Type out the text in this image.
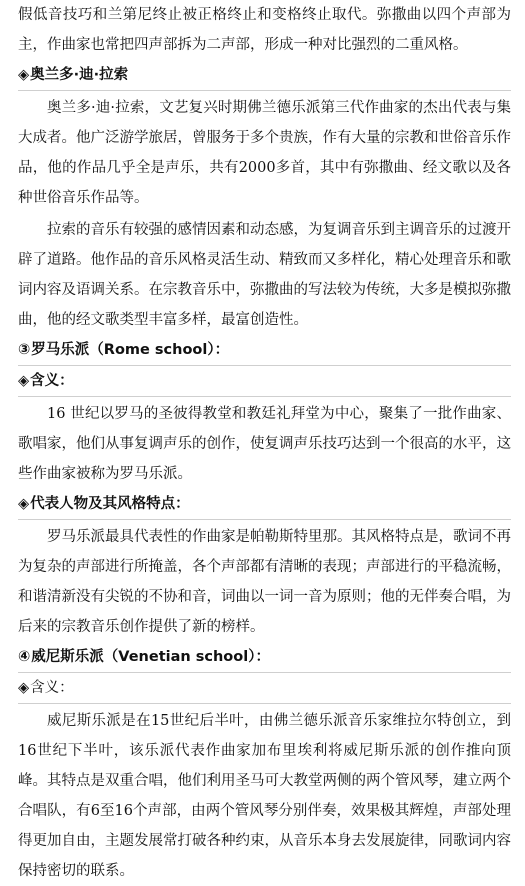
假低音技巧和兰第尼终止被正格终止和变格终止取代。弥撒曲以四个声部为主，作曲家也常把四声部拆为二声部，形成一种对比强烈的二重风格。

◈奥兰多·迪·拉索

奥兰多·迪·拉索，文艺复兴时期佛兰德乐派第三代作曲家的杰出代表与集大成者。他广泛游学旅居，曾服务于多个贵族，作有大量的宗教和世俗音乐作品，他的作品几乎全是声乐，共有2000多首，其中有弥撒曲、经文歌以及各种世俗音乐作品等。

拉索的音乐有较强的感情因素和动态感，为复调音乐到主调音乐的过渡开辟了道路。他作品的音乐风格灵活生动、精致而又多样化，精心处理音乐和歌词内容及语调关系。在宗教音乐中，弥撒曲的写法较为传统，大多是模拟弥撒曲，他的经文歌类型丰富多样，最富创造性。

③罗马乐派（Rome school）：
◈含义：

16 世纪以罗马的圣彼得教堂和教廷礼拜堂为中心，聚集了一批作曲家、歌唱家，他们从事复调声乐的创作，使复调声乐技巧达到一个很高的水平，这些作曲家被称为罗马乐派。

◈代表人物及其风格特点：

罗马乐派最具代表性的作曲家是帕勒斯特里那。其风格特点是，歌词不再为复杂的声部进行所掩盖，各个声部都有清晰的表现；声部进行的平稳流畅，和谐清新没有尖锐的不协和音，词曲以一词一音为原则；他的无伴奏合唱，为后来的宗教音乐创作提供了新的榜样。

④威尼斯乐派（Venetian school）：
◈含义：

威尼斯乐派是在15世纪后半叶，由佛兰德乐派音乐家维拉尔特创立，到16世纪下半叶，该乐派代表作曲家加布里埃利将威尼斯乐派的创作推向顶峰。其特点是双重合唱，他们利用圣马可大教堂两侧的两个管风琴，建立两个合唱队，有6至16个声部，由两个管风琴分别伴奏，效果极其辉煌，声部处理得更加自由，主题发展常打破各种约束，从音乐本身去发展旋律，同歌词内容保持密切的联系。
